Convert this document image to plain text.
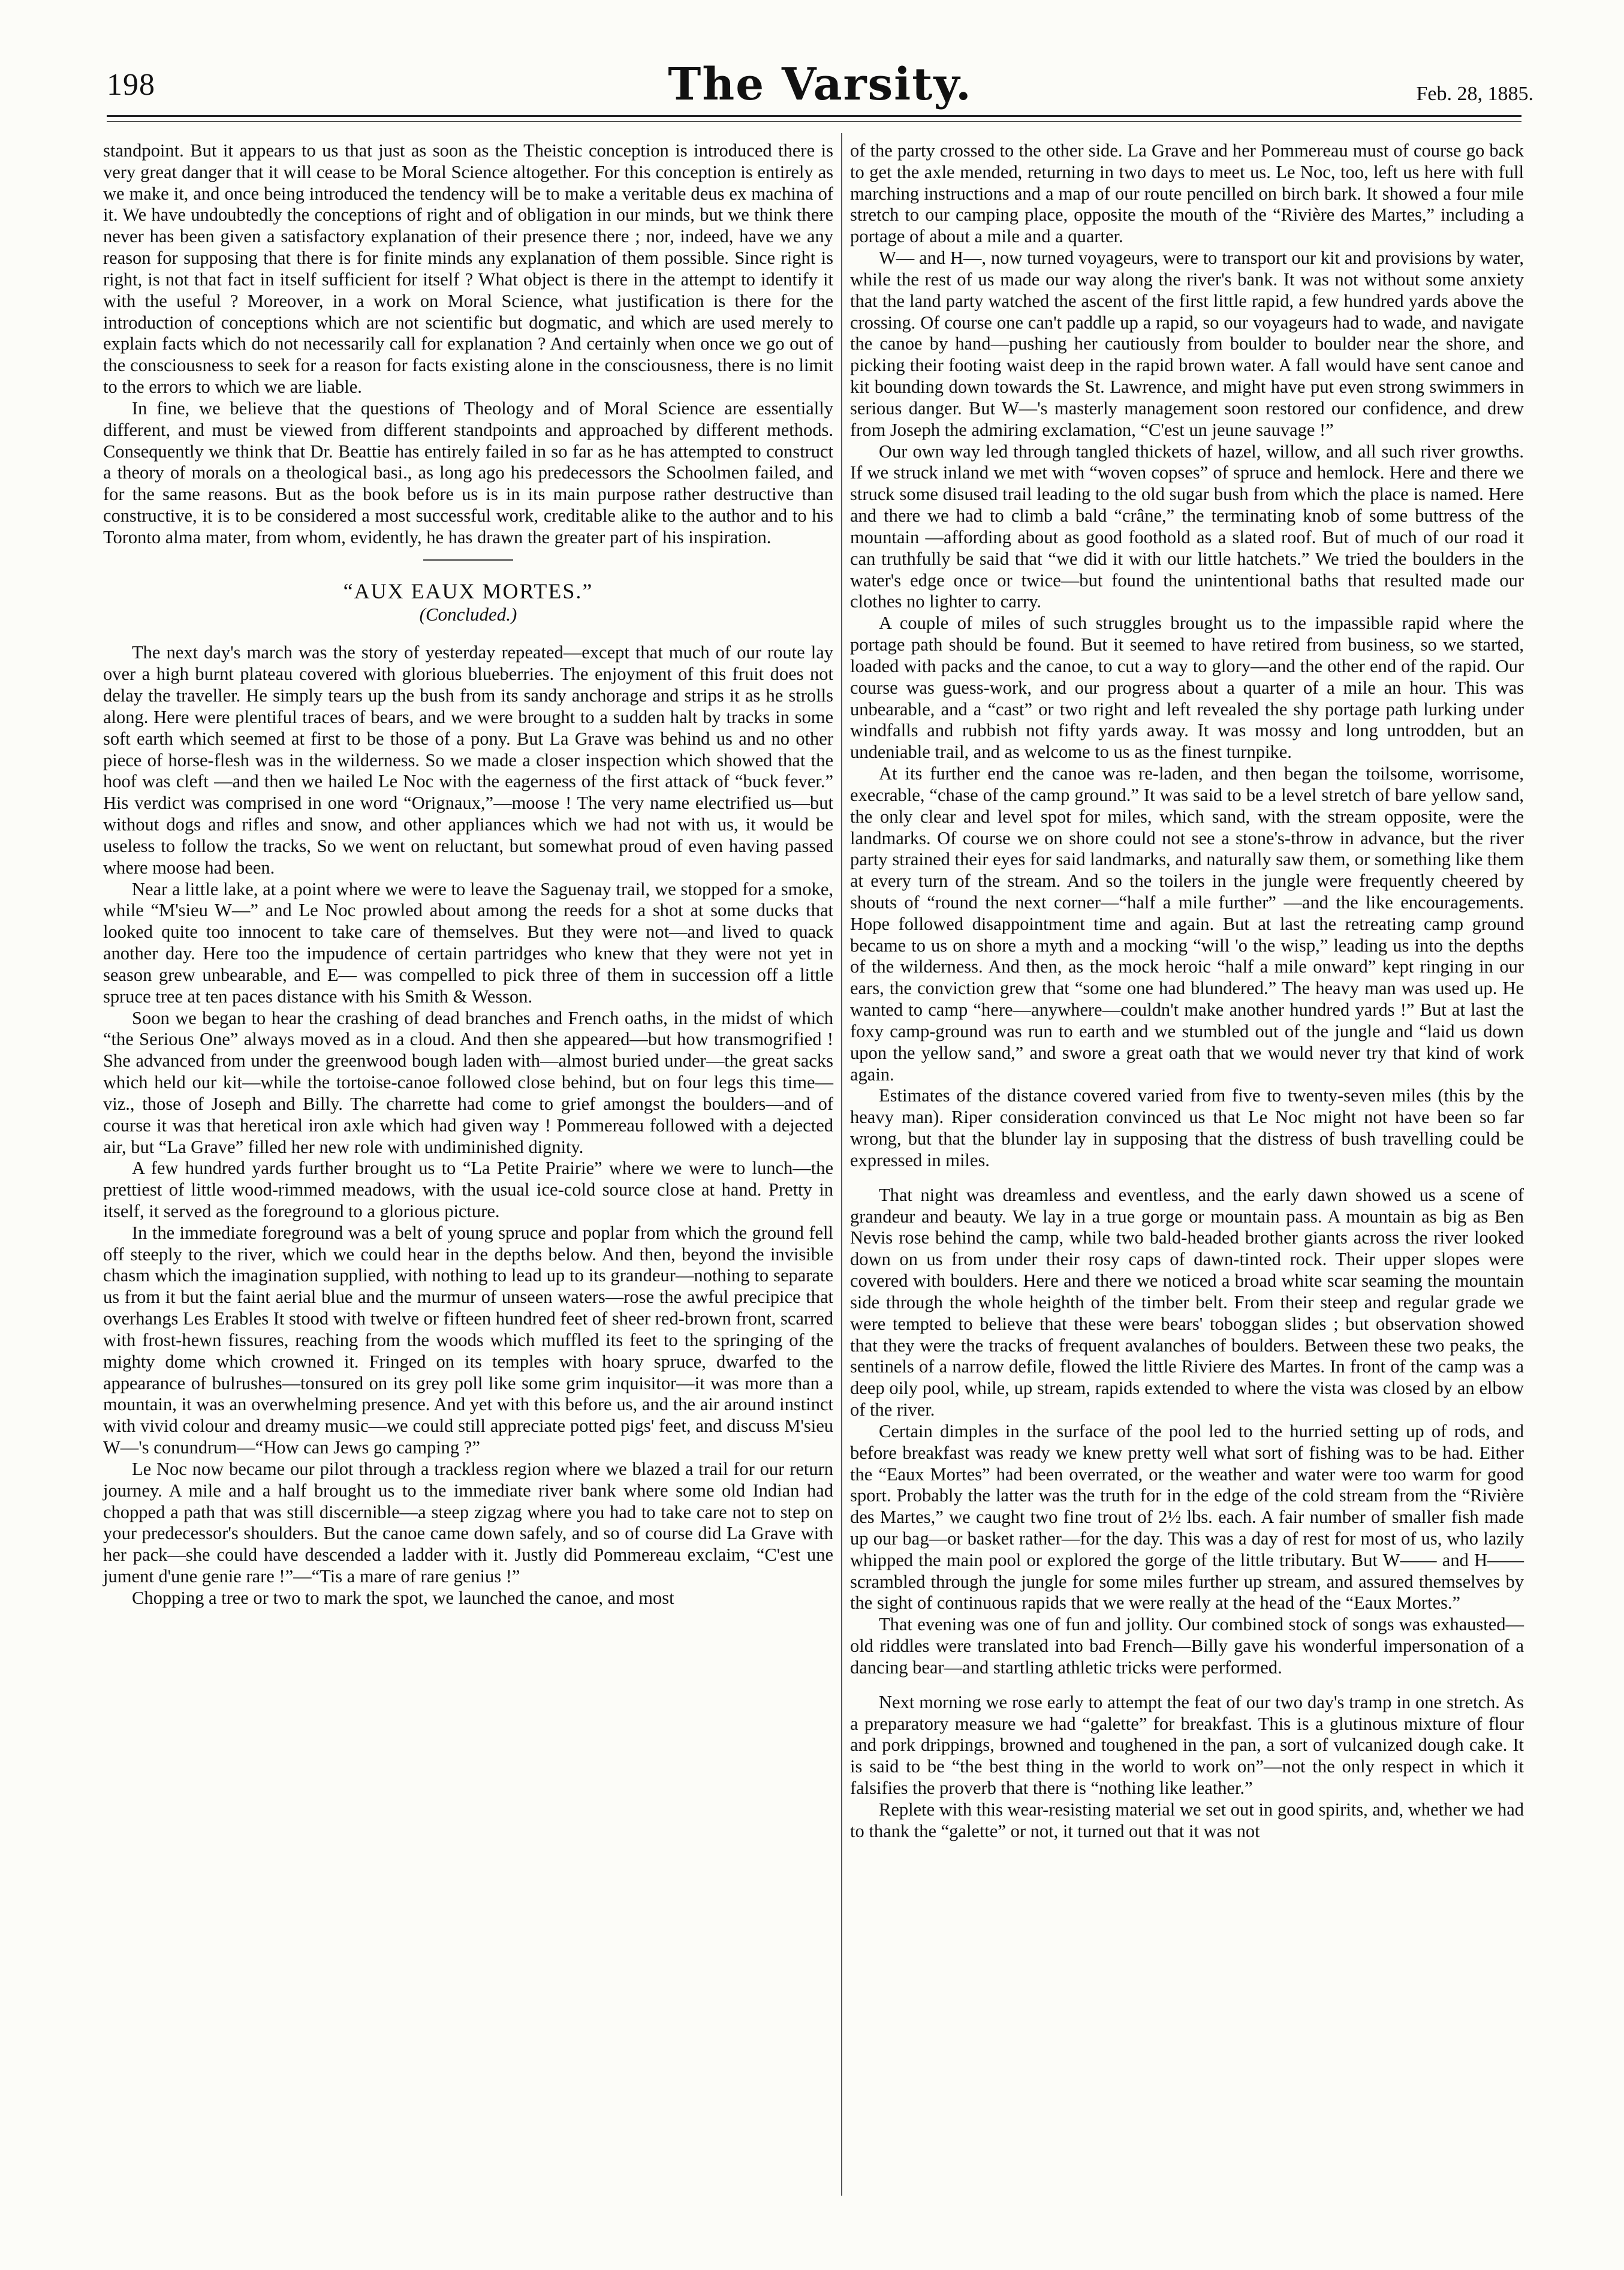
198	The Varsity.	Feb. 28, 1885.

standpoint. But it appears to us that just as soon as the Theistic conception is introduced there is very great danger that it will cease to be Moral Science altogether. For this conception is entirely as we make it, and once being introduced the tendency will be to make a veritable deus ex machina of it. We have undoubtedly the conceptions of right and of obligation in our minds, but we think there never has been given a satisfactory explanation of their presence there ; nor, indeed, have we any reason for supposing that there is for finite minds any explanation of them possible. Since right is right, is not that fact in itself sufficient for itself ? What object is there in the attempt to identify it with the useful ? Moreover, in a work on Moral Science, what justification is there for the introduction of conceptions which are not scientific but dogmatic, and which are used merely to explain facts which do not necessarily call for explanation ? And certainly when once we go out of the consciousness to seek for a reason for facts existing alone in the consciousness, there is no limit to the errors to which we are liable.

In fine, we believe that the questions of Theology and of Moral Science are essentially different, and must be viewed from different standpoints and approached by different methods. Consequently we think that Dr. Beattie has entirely failed in so far as he has attempted to construct a theory of morals on a theological basi., as long ago his predecessors the Schoolmen failed, and for the same reasons. But as the book before us is in its main purpose rather destructive than constructive, it is to be considered a most successful work, creditable alike to the author and to his Toronto alma mater, from whom, evidently, he has drawn the greater part of his inspiration.

“AUX EAUX MORTES.”
(Concluded.)

The next day's march was the story of yesterday repeated—except that much of our route lay over a high burnt plateau covered with glorious blueberries. The enjoyment of this fruit does not delay the traveller. He simply tears up the bush from its sandy anchorage and strips it as he strolls along. Here were plentiful traces of bears, and we were brought to a sudden halt by tracks in some soft earth which seemed at first to be those of a pony. But La Grave was behind us and no other piece of horse-flesh was in the wilderness. So we made a closer inspection which showed that the hoof was cleft —and then we hailed Le Noc with the eagerness of the first attack of “buck fever.” His verdict was comprised in one word “Orignaux,”—moose ! The very name electrified us—but without dogs and rifles and snow, and other appliances which we had not with us, it would be useless to follow the tracks, So we went on reluctant, but somewhat proud of even having passed where moose had been.

Near a little lake, at a point where we were to leave the Saguenay trail, we stopped for a smoke, while “M'sieu W—” and Le Noc prowled about among the reeds for a shot at some ducks that looked quite too innocent to take care of themselves. But they were not—and lived to quack another day. Here too the impudence of certain partridges who knew that they were not yet in season grew unbearable, and E— was compelled to pick three of them in succession off a little spruce tree at ten paces distance with his Smith & Wesson.

Soon we began to hear the crashing of dead branches and French oaths, in the midst of which “the Serious One” always moved as in a cloud. And then she appeared—but how transmogrified ! She advanced from under the greenwood bough laden with—almost buried under—the great sacks which held our kit—while the tortoise-canoe followed close behind, but on four legs this time—viz., those of Joseph and Billy. The charrette had come to grief amongst the boulders—and of course it was that heretical iron axle which had given way ! Pommereau followed with a dejected air, but “La Grave” filled her new role with undiminished dignity.

A few hundred yards further brought us to “La Petite Prairie” where we were to lunch—the prettiest of little wood-rimmed meadows, with the usual ice-cold source close at hand. Pretty in itself, it served as the foreground to a glorious picture.

In the immediate foreground was a belt of young spruce and poplar from which the ground fell off steeply to the river, which we could hear in the depths below. And then, beyond the invisible chasm which the imagination supplied, with nothing to lead up to its grandeur—nothing to separate us from it but the faint aerial blue and the murmur of unseen waters—rose the awful precipice that overhangs Les Erables It stood with twelve or fifteen hundred feet of sheer red-brown front, scarred with frost-hewn fissures, reaching from the woods which muffled its feet to the springing of the mighty dome which crowned it. Fringed on its temples with hoary spruce, dwarfed to the appearance of bulrushes—tonsured on its grey poll like some grim inquisitor—it was more than a mountain, it was an overwhelming presence. And yet with this before us, and the air around instinct with vivid colour and dreamy music—we could still appreciate potted pigs' feet, and discuss M'sieu W—'s conundrum—“How can Jews go camping ?”

Le Noc now became our pilot through a trackless region where we blazed a trail for our return journey. A mile and a half brought us to the immediate river bank where some old Indian had chopped a path that was still discernible—a steep zigzag where you had to take care not to step on your predecessor's shoulders. But the canoe came down safely, and so of course did La Grave with her pack—she could have descended a ladder with it. Justly did Pommereau exclaim, “C'est une jument d'une genie rare !”—“Tis a mare of rare genius !”

Chopping a tree or two to mark the spot, we launched the canoe, and most

of the party crossed to the other side. La Grave and her Pommereau must of course go back to get the axle mended, returning in two days to meet us. Le Noc, too, left us here with full marching instructions and a map of our route pencilled on birch bark. It showed a four mile stretch to our camping place, opposite the mouth of the “Rivière des Martes,” including a portage of about a mile and a quarter.

W— and H—, now turned voyageurs, were to transport our kit and provisions by water, while the rest of us made our way along the river's bank. It was not without some anxiety that the land party watched the ascent of the first little rapid, a few hundred yards above the crossing. Of course one can't paddle up a rapid, so our voyageurs had to wade, and navigate the canoe by hand—pushing her cautiously from boulder to boulder near the shore, and picking their footing waist deep in the rapid brown water. A fall would have sent canoe and kit bounding down towards the St. Lawrence, and might have put even strong swimmers in serious danger. But W—'s masterly management soon restored our confidence, and drew from Joseph the admiring exclamation, “C'est un jeune sauvage !”

Our own way led through tangled thickets of hazel, willow, and all such river growths. If we struck inland we met with “woven copses” of spruce and hemlock. Here and there we struck some disused trail leading to the old sugar bush from which the place is named. Here and there we had to climb a bald “crâne,” the terminating knob of some buttress of the mountain —affording about as good foothold as a slated roof. But of much of our road it can truthfully be said that “we did it with our little hatchets.” We tried the boulders in the water's edge once or twice—but found the unintentional baths that resulted made our clothes no lighter to carry.

A couple of miles of such struggles brought us to the impassible rapid where the portage path should be found. But it seemed to have retired from business, so we started, loaded with packs and the canoe, to cut a way to glory—and the other end of the rapid. Our course was guess-work, and our progress about a quarter of a mile an hour. This was unbearable, and a “cast” or two right and left revealed the shy portage path lurking under windfalls and rubbish not fifty yards away. It was mossy and long untrodden, but an undeniable trail, and as welcome to us as the finest turnpike.

At its further end the canoe was re-laden, and then began the toilsome, worrisome, execrable, “chase of the camp ground.” It was said to be a level stretch of bare yellow sand, the only clear and level spot for miles, which sand, with the stream opposite, were the landmarks. Of course we on shore could not see a stone's-throw in advance, but the river party strained their eyes for said landmarks, and naturally saw them, or something like them at every turn of the stream. And so the toilers in the jungle were frequently cheered by shouts of “round the next corner—“half a mile further” —and the like encouragements. Hope followed disappointment time and again. But at last the retreating camp ground became to us on shore a myth and a mocking “will 'o the wisp,” leading us into the depths of the wilderness. And then, as the mock heroic “half a mile onward” kept ringing in our ears, the conviction grew that “some one had blundered.” The heavy man was used up. He wanted to camp “here—anywhere—couldn't make another hundred yards !” But at last the foxy camp-ground was run to earth and we stumbled out of the jungle and “laid us down upon the yellow sand,” and swore a great oath that we would never try that kind of work again.

Estimates of the distance covered varied from five to twenty-seven miles (this by the heavy man). Riper consideration convinced us that Le Noc might not have been so far wrong, but that the blunder lay in supposing that the distress of bush travelling could be expressed in miles.

That night was dreamless and eventless, and the early dawn showed us a scene of grandeur and beauty. We lay in a true gorge or mountain pass. A mountain as big as Ben Nevis rose behind the camp, while two bald-headed brother giants across the river looked down on us from under their rosy caps of dawn-tinted rock. Their upper slopes were covered with boulders. Here and there we noticed a broad white scar seaming the mountain side through the whole heighth of the timber belt. From their steep and regular grade we were tempted to believe that these were bears' toboggan slides ; but observation showed that they were the tracks of frequent avalanches of boulders. Between these two peaks, the sentinels of a narrow defile, flowed the little Riviere des Martes. In front of the camp was a deep oily pool, while, up stream, rapids extended to where the vista was closed by an elbow of the river.

Certain dimples in the surface of the pool led to the hurried setting up of rods, and before breakfast was ready we knew pretty well what sort of fishing was to be had. Either the “Eaux Mortes” had been overrated, or the weather and water were too warm for good sport. Probably the latter was the truth for in the edge of the cold stream from the “Rivière des Martes,” we caught two fine trout of 2½ lbs. each. A fair number of smaller fish made up our bag—or basket rather—for the day. This was a day of rest for most of us, who lazily whipped the main pool or explored the gorge of the little tributary. But W—— and H—— scrambled through the jungle for some miles further up stream, and assured themselves by the sight of continuous rapids that we were really at the head of the “Eaux Mortes.”

That evening was one of fun and jollity. Our combined stock of songs was exhausted—old riddles were translated into bad French—Billy gave his wonderful impersonation of a dancing bear—and startling athletic tricks were performed.

Next morning we rose early to attempt the feat of our two day's tramp in one stretch. As a preparatory measure we had “galette” for breakfast. This is a glutinous mixture of flour and pork drippings, browned and toughened in the pan, a sort of vulcanized dough cake. It is said to be “the best thing in the world to work on”—not the only respect in which it falsifies the proverb that there is “nothing like leather.”

Replete with this wear-resisting material we set out in good spirits, and, whether we had to thank the “galette” or not, it turned out that it was not
